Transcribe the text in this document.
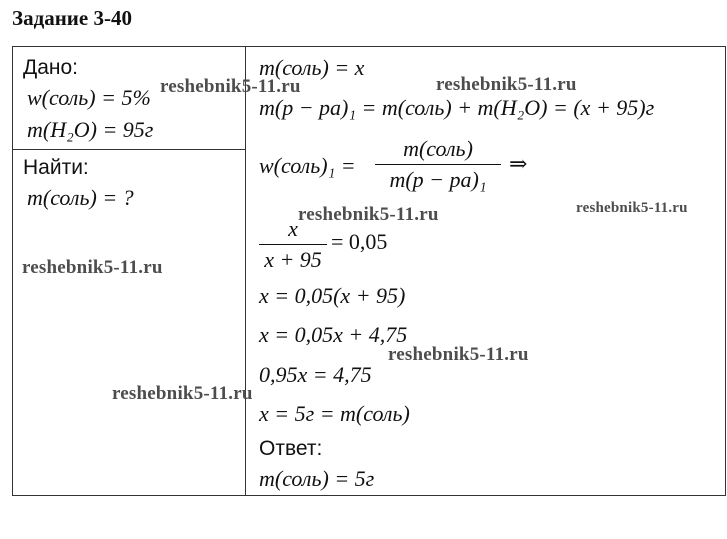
Задание 3-40
Дано:
w(соль) = 5%
m(H₂O) = 95г
Найти:
m(соль) = ?
m(соль) = x
m(р − ра)₁ = m(соль) + m(H₂O) = (x + 95)г
w(соль)₁ =
m(соль)
m(р − ра)₁
⇒
x
x + 95
= 0,05
x = 0,05(x + 95)
x = 0,05x + 4,75
0,95x = 4,75
x = 5г = m(соль)
Ответ:
m(соль) = 5г
reshebnik5-11.ru	reshebnik5-11.ru
reshebnik5-11.ru	reshebnik5-11.ru
reshebnik5-11.ru
reshebnik5-11.ru
reshebnik5-11.ru
